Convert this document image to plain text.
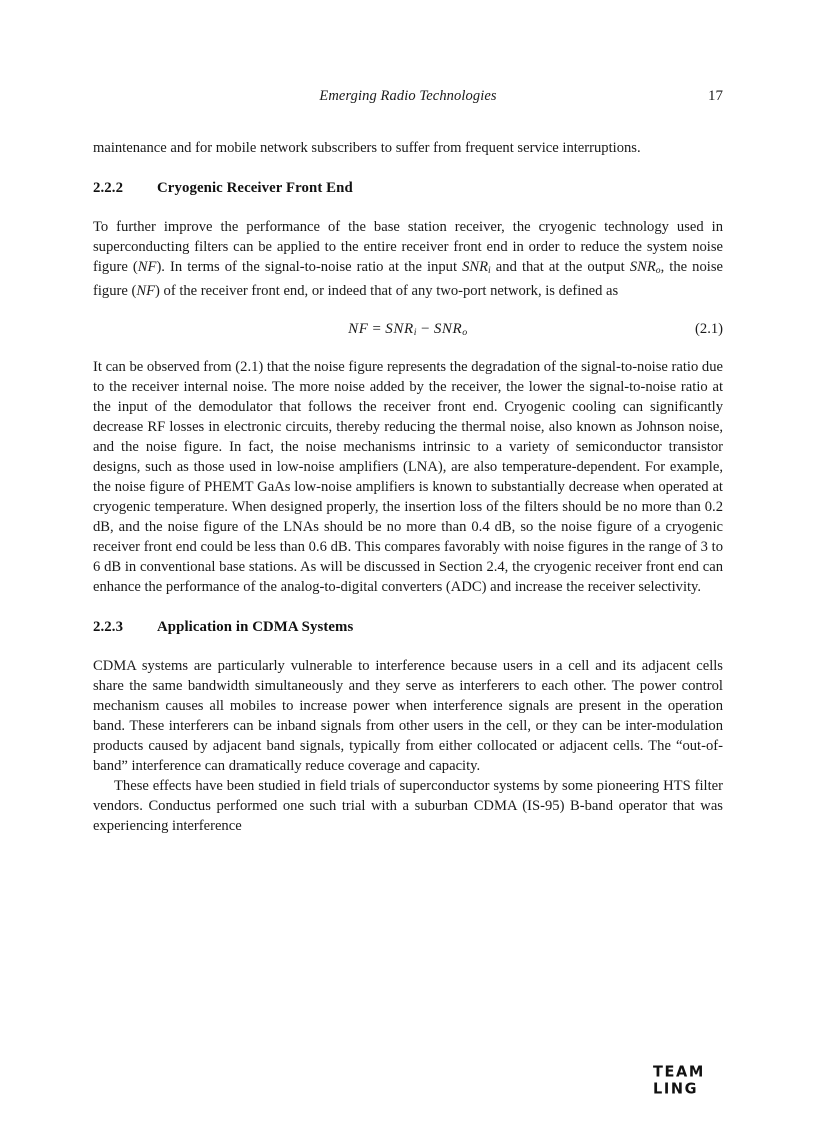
Emerging Radio Technologies	17

maintenance and for mobile network subscribers to suffer from frequent service interruptions.

2.2.2 Cryogenic Receiver Front End

To further improve the performance of the base station receiver, the cryogenic technology used in superconducting filters can be applied to the entire receiver front end in order to reduce the system noise figure (NF). In terms of the signal-to-noise ratio at the input $SNR_i$ and that at the output $SNR_o$, the noise figure (NF) of the receiver front end, or indeed that of any two-port network, is defined as

NF = $SNR_i - SNR_o$	(2.1)

It can be observed from (2.1) that the noise figure represents the degradation of the signal-to-noise ratio due to the receiver internal noise. The more noise added by the receiver, the lower the signal-to-noise ratio at the input of the demodulator that follows the receiver front end. Cryogenic cooling can significantly decrease RF losses in electronic circuits, thereby reducing the thermal noise, also known as Johnson noise, and the noise figure. In fact, the noise mechanisms intrinsic to a variety of semiconductor transistor designs, such as those used in low-noise amplifiers (LNA), are also temperature-dependent. For example, the noise figure of PHEMT GaAs low-noise amplifiers is known to substantially decrease when operated at cryogenic temperature. When designed properly, the insertion loss of the filters should be no more than 0.2 dB, and the noise figure of the LNAs should be no more than 0.4 dB, so the noise figure of a cryogenic receiver front end could be less than 0.6 dB. This compares favorably with noise figures in the range of 3 to 6 dB in conventional base stations. As will be discussed in Section 2.4, the cryogenic receiver front end can enhance the performance of the analog-to-digital converters (ADC) and increase the receiver selectivity.

2.2.3 Application in CDMA Systems

CDMA systems are particularly vulnerable to interference because users in a cell and its adjacent cells share the same bandwidth simultaneously and they serve as interferers to each other. The power control mechanism causes all mobiles to increase power when interference signals are present in the operation band. These interferers can be inband signals from other users in the cell, or they can be inter-modulation products caused by adjacent band signals, typically from either collocated or adjacent cells. The “out-of-band” interference can dramatically reduce coverage and capacity.

These effects have been studied in field trials of superconductor systems by some pioneering HTS filter vendors. Conductus performed one such trial with a suburban CDMA (IS-95) B-band operator that was experiencing interference

TEAM LING
